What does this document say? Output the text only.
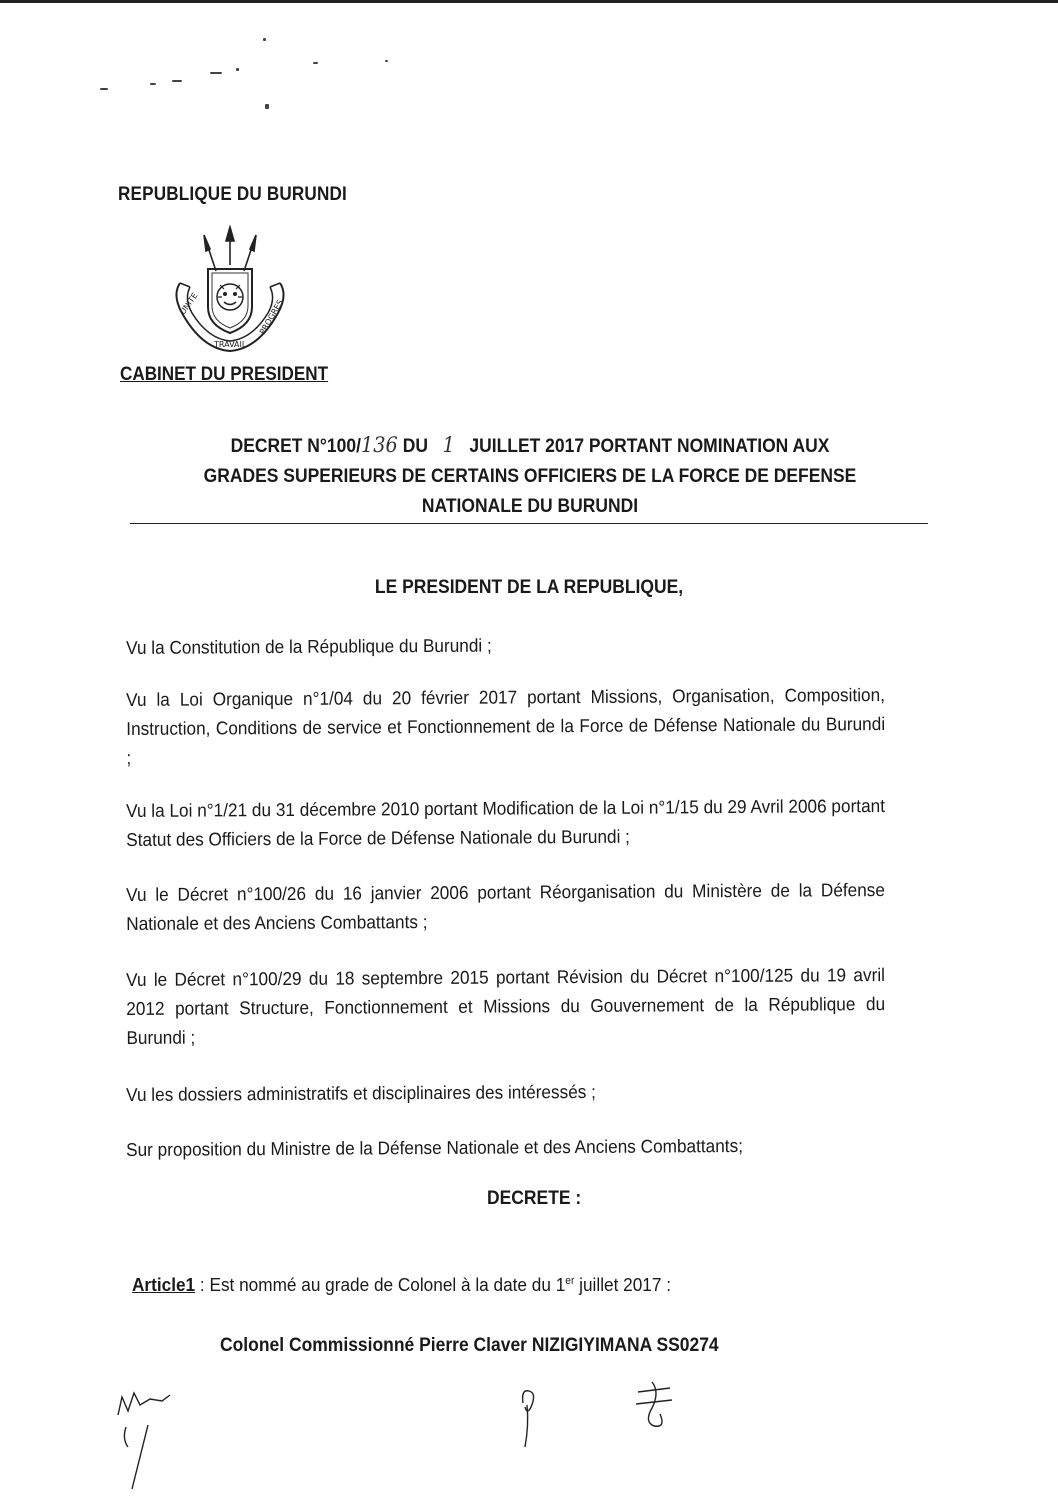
REPUBLIQUE DU BURUNDI
UNITE
TRAVAIL
PROGRES
CABINET DU PRESIDENT
DECRET N°100/136 DU 1 JUILLET 2017 PORTANT NOMINATION AUX
GRADES SUPERIEURS DE CERTAINS OFFICIERS DE LA FORCE DE DEFENSE
NATIONALE DU BURUNDI
LE PRESIDENT DE LA REPUBLIQUE,
Vu la Constitution de la République du Burundi ;
Vu la Loi Organique n°1/04 du 20 février 2017 portant Missions, Organisation, Composition, Instruction, Conditions de service et Fonctionnement de la Force de Défense Nationale du Burundi ;
Vu la Loi n°1/21 du 31 décembre 2010 portant Modification de la Loi n°1/15 du 29 Avril 2006 portant Statut des Officiers de la Force de Défense Nationale du Burundi ;
Vu le Décret n°100/26 du 16 janvier 2006 portant Réorganisation du Ministère de la Défense Nationale et des Anciens Combattants ;
Vu le Décret n°100/29 du 18 septembre 2015 portant Révision du Décret n°100/125 du 19 avril 2012 portant Structure, Fonctionnement et Missions du Gouvernement de la République du Burundi ;
Vu les dossiers administratifs et disciplinaires des intéressés ;
Sur proposition du Ministre de la Défense Nationale et des Anciens Combattants;
DECRETE :
Article1 : Est nommé au grade de Colonel à la date du 1er juillet 2017 :
Colonel Commissionné Pierre Claver NIZIGIYIMANA SS0274
